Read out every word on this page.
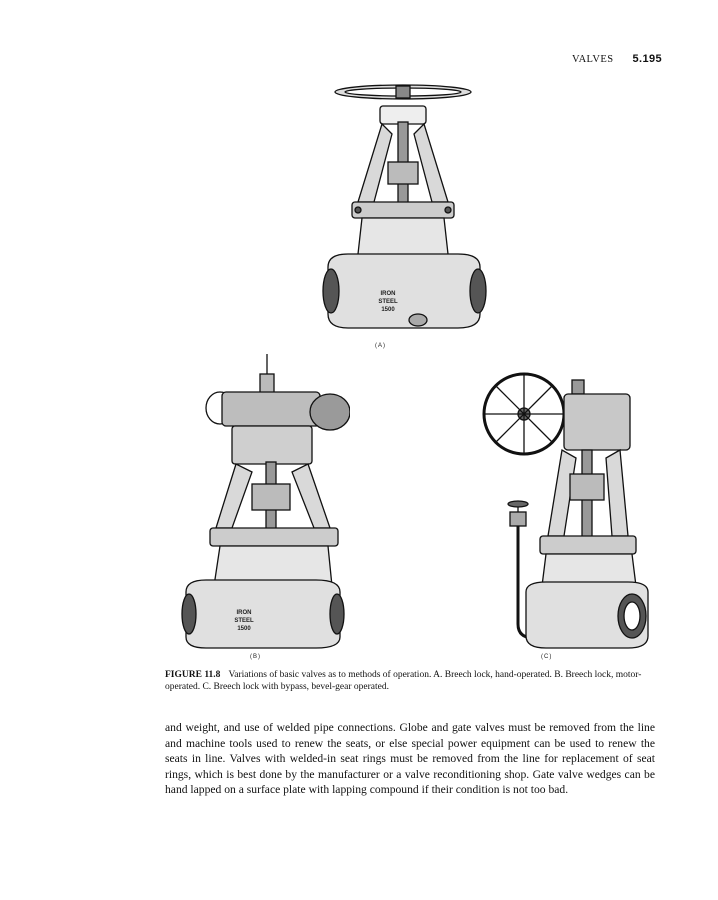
VALVES 5.195
IRON
STEEL
1500
(A)
IRON
STEEL
1500
(B)	(C)
FIGURE 11.8 Variations of basic valves as to methods of operation. A. Breech lock, hand-operated. B. Breech lock, motor-operated. C. Breech lock with bypass, bevel-gear operated.

and weight, and use of welded pipe connections. Globe and gate valves must be removed from the line and machine tools used to renew the seats, or else special power equipment can be used to renew the seats in line. Valves with welded-in seat rings must be removed from the line for replacement of seat rings, which is best done by the manufacturer or a valve reconditioning shop. Gate valve wedges can be hand lapped on a surface plate with lapping compound if their condition is not too bad.
